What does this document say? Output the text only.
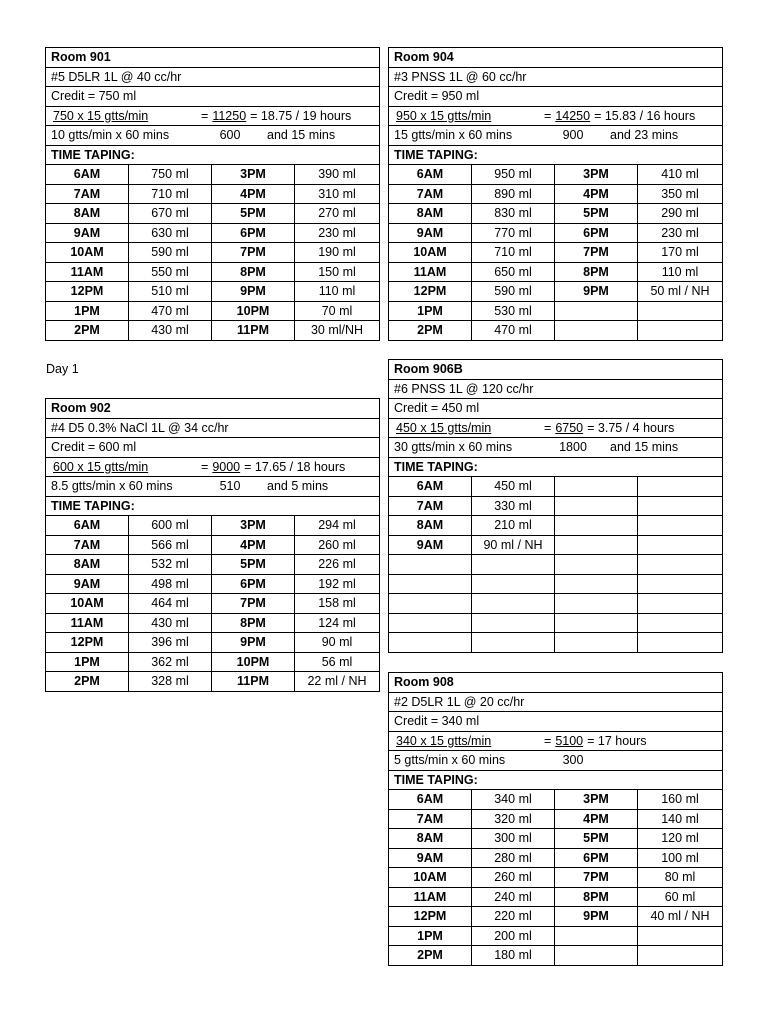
Day 1
Room 901			
#5 D5LR 1L @ 40 cc/hr			
Credit = 750 ml			
750 x 15 gtts/min = 11250 = 18.75 / 19 hours			
10 gtts/min x 60 mins 600 and 15 mins			
TIME TAPING:			
6AM	750 ml	3PM	390 ml
7AM	710 ml	4PM	310 ml
8AM	670 ml	5PM	270 ml
9AM	630 ml	6PM	230 ml
10AM	590 ml	7PM	190 ml
11AM	550 ml	8PM	150 ml
12PM	510 ml	9PM	110 ml
1PM	470 ml	10PM	70 ml
2PM	430 ml	11PM	30 ml/NH
Room 904			
#3 PNSS 1L @ 60 cc/hr			
Credit = 950 ml			
950 x 15 gtts/min = 14250 = 15.83 / 16 hours			
15 gtts/min x 60 mins 900 and 23 mins			
TIME TAPING:			
6AM	950 ml	3PM	410 ml
7AM	890 ml	4PM	350 ml
8AM	830 ml	5PM	290 ml
9AM	770 ml	6PM	230 ml
10AM	710 ml	7PM	170 ml
11AM	650 ml	8PM	110 ml
12PM	590 ml	9PM	50 ml / NH
1PM	530 ml		
2PM	470 ml		
Room 902			
#4 D5 0.3% NaCl 1L @ 34 cc/hr			
Credit = 600 ml			
600 x 15 gtts/min = 9000 = 17.65 / 18 hours			
8.5 gtts/min x 60 mins 510 and 5 mins			
TIME TAPING:			
6AM	600 ml	3PM	294 ml
7AM	566 ml	4PM	260 ml
8AM	532 ml	5PM	226 ml
9AM	498 ml	6PM	192 ml
10AM	464 ml	7PM	158 ml
11AM	430 ml	8PM	124 ml
12PM	396 ml	9PM	90 ml
1PM	362 ml	10PM	56 ml
2PM	328 ml	11PM	22 ml / NH
Room 906B			
#6 PNSS 1L @ 120 cc/hr			
Credit = 450 ml			
450 x 15 gtts/min = 6750 = 3.75 / 4 hours			
30 gtts/min x 60 mins 1800 and 15 mins			
TIME TAPING:			
6AM	450 ml		
7AM	330 ml		
8AM	210 ml		
9AM	90 ml / NH		

Room 908			
#2 D5LR 1L @ 20 cc/hr			
Credit = 340 ml			
340 x 15 gtts/min = 5100 = 17 hours			
5 gtts/min x 60 mins 300			
TIME TAPING:			
6AM	340 ml	3PM	160 ml
7AM	320 ml	4PM	140 ml
8AM	300 ml	5PM	120 ml
9AM	280 ml	6PM	100 ml
10AM	260 ml	7PM	80 ml
11AM	240 ml	8PM	60 ml
12PM	220 ml	9PM	40 ml / NH
1PM	200 ml		
2PM	180 ml		
